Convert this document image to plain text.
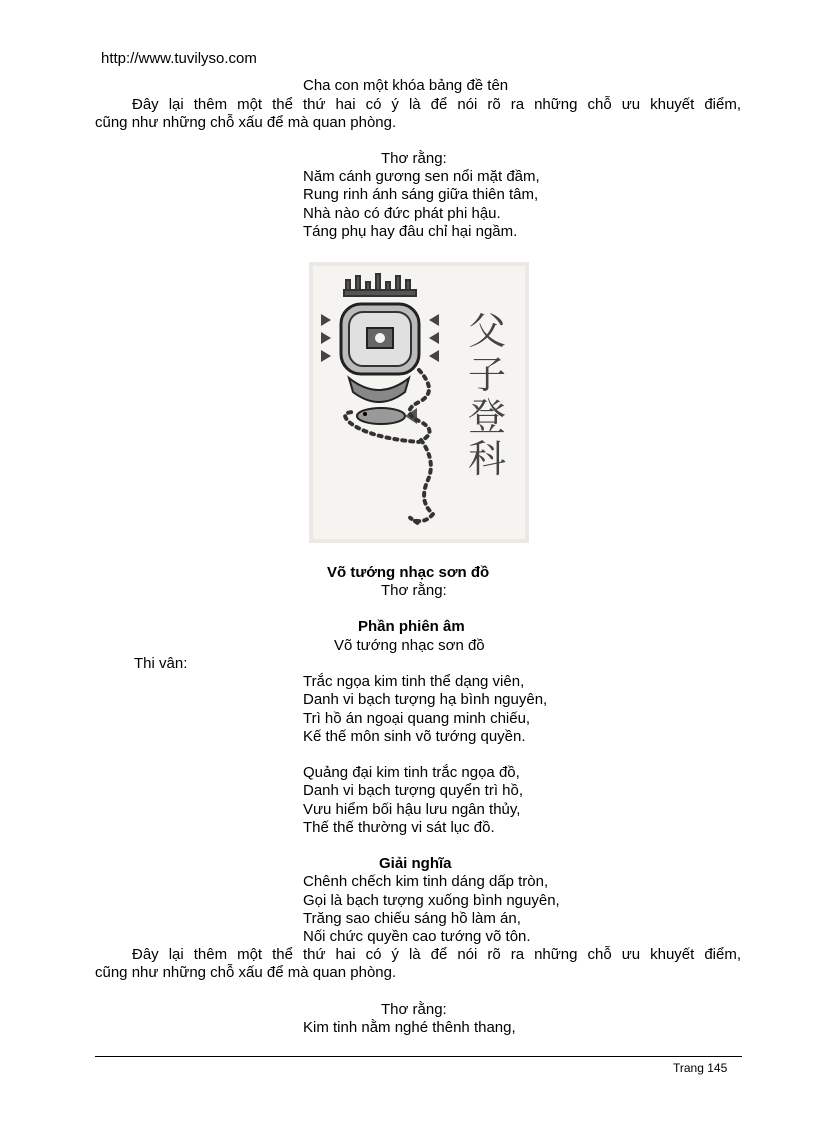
http://www.tuvilyso.com
Cha con một khóa bảng đề tên
Đây lại thêm một thể thứ hai có ý là để nói rõ ra những chỗ ưu khuyết điểm,
cũng như những chỗ xấu để mà quan phòng.
Thơ rằng:
Năm cánh gương sen nổi mặt đầm,
Rung rinh ánh sáng giữa thiên tâm,
Nhà nào có đức phát phi hậu.
Táng phụ hay đâu chỉ hại ngầm.
父
子
登
科
Võ tướng nhạc sơn đồ
Thơ rằng:
Phần phiên âm
Võ tướng nhạc sơn đồ
Thi vân:
Trắc ngọa kim tinh thể dạng viên,
Danh vi bạch tượng hạ bình nguyên,
Trì hồ án ngoại quang minh chiếu,
Kế thế môn sinh võ tướng quyền.
Quảng đại kim tinh trắc ngọa đồ,
Danh vi bạch tượng quyển trì hồ,
Vưu hiểm bối hậu lưu ngân thủy,
Thế thế thường vi sát lục đồ.
Giải nghĩa
Chênh chếch kim tinh dáng dấp tròn,
Gọi là bạch tượng xuống bình nguyên,
Trăng sao chiếu sáng hồ làm án,
Nối chức quyền cao tướng võ tôn.
Đây lại thêm một thể thứ hai có ý là để nói rõ ra những chỗ ưu khuyết điểm,
cũng như những chỗ xấu để mà quan phòng.
Thơ rằng:
Kim tinh nằm nghé thênh thang,
Trang 145
